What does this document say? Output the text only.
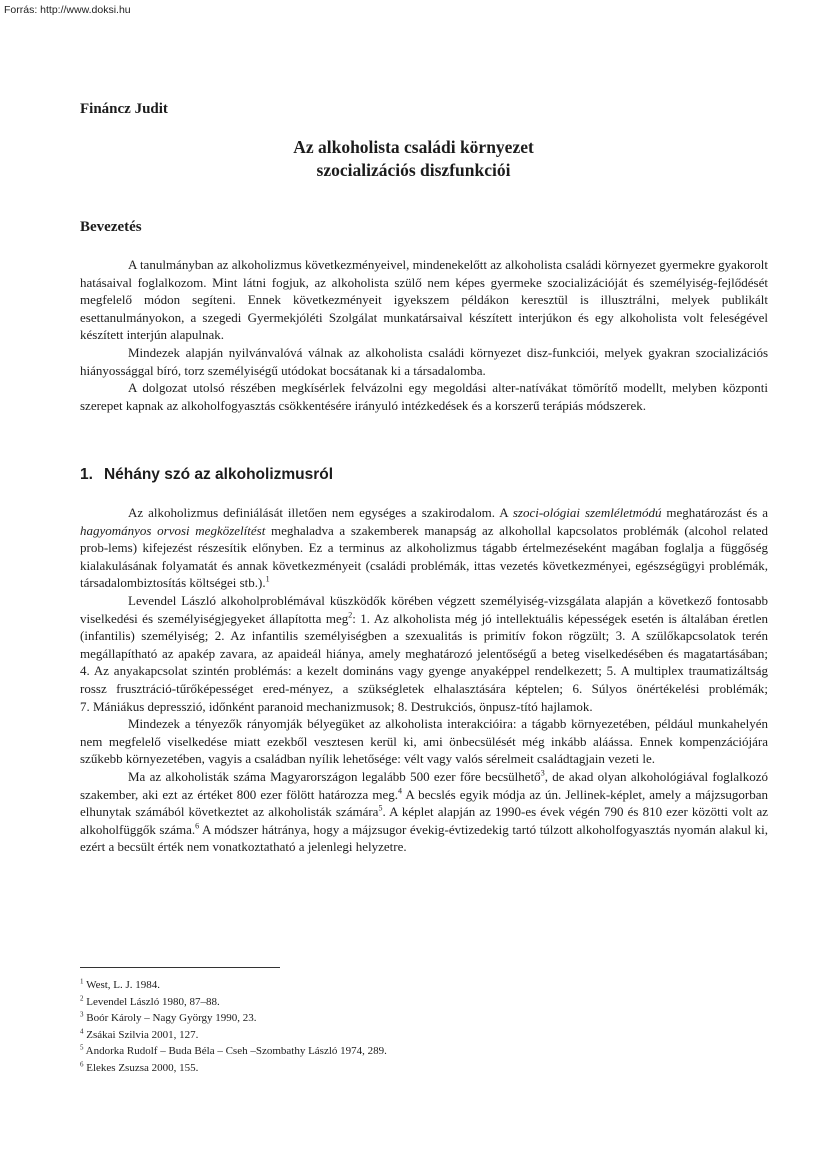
Forrás: http://www.doksi.hu
Fináncz Judit
Az alkoholista családi környezet
szocializációs diszfunkciói
Bevezetés

A tanulmányban az alkoholizmus következményeivel, mindenekelőtt az alkoholista családi környezet gyermekre gyakorolt hatásaival foglalkozom. Mint látni fogjuk, az alkoholista szülő nem képes gyermeke szocializációját és személyiség-fejlődését megfelelő módon segíteni. Ennek következményeit igyekszem példákon keresztül is illusztrálni, melyek publikált esettanulmányokon, a szegedi Gyermekjóléti Szolgálat munkatársaival készített interjúkon és egy alkoholista volt feleségével készített interjún alapulnak.

Mindezek alapján nyilvánvalóvá válnak az alkoholista családi környezet disz-funkciói, melyek gyakran szocializációs hiányossággal bíró, torz személyiségű utódokat bocsátanak ki a társadalomba.

A dolgozat utolsó részében megkísérlek felvázolni egy megoldási alter-natívákat tömörítő modellt, melyben központi szerepet kapnak az alkoholfogyasztás csökkentésére irányuló intézkedések és a korszerű terápiás módszerek.

1. Néhány szó az alkoholizmusról

Az alkoholizmus definiálását illetően nem egységes a szakirodalom. A szoci-ológiai szemléletmódú meghatározást és a hagyományos orvosi megközelítést meghaladva a szakemberek manapság az alkohollal kapcsolatos problémák (alcohol related prob-lems) kifejezést részesítik előnyben. Ez a terminus az alkoholizmus tágabb értelmezéseként magában foglalja a függőség kialakulásának folyamatát és annak következményeit (családi problémák, ittas vezetés következményei, egészségügyi problémák, társadalombiztosítás költségei stb.).$^1$

Levendel László alkoholproblémával küszködők körében végzett személyiség-vizsgálata alapján a következő fontosabb viselkedési és személyiségjegyeket állapította meg$^2$: 1. Az alkoholista még jó intellektuális képességek esetén is általában éretlen (infantilis) személyiség; 2. Az infantilis személyiségben a szexualitás is primitív fokon rögzült; 3. A szülőkapcsolatok terén megállapítható az apakép zavara, az apaideál hiánya, amely meghatározó jelentőségű a beteg viselkedésében és magatartásában;

4. Az anyakapcsolat szintén problémás: a kezelt domináns vagy gyenge anyaképpel rendelkezett; 5. A multiplex traumatizáltság rossz frusztráció-tűrőképességet ered-ményez, a szükségletek elhalasztására képtelen; 6. Súlyos önértékelési problémák;

7. Mániákus depresszió, időnként paranoid mechanizmusok; 8. Destrukciós, önpusz-tító hajlamok.

Mindezek a tényezők rányomják bélyegüket az alkoholista interakcióira: a tágabb környezetében, például munkahelyén nem megfelelő viselkedése miatt ezekből vesztesen kerül ki, ami önbecsülését még inkább aláássa. Ennek kompenzációjára szűkebb környezetében, vagyis a családban nyílik lehetősége: vélt vagy valós sérelmeit családtagjain vezeti le.

Ma az alkoholisták száma Magyarországon legalább 500 ezer főre becsülhető$^3$, de akad olyan alkohológiával foglalkozó szakember, aki ezt az értéket 800 ezer fölött határozza meg.$^4$ A becslés egyik módja az ún. Jellinek-képlet, amely a májzsugorban elhunytak számából következtet az alkoholisták számára$^5$. A képlet alapján az 1990-es évek végén 790 és 810 ezer közötti volt az alkoholfüggők száma.$^6$ A módszer hátránya, hogy a májzsugor évekig-évtizedekig tartó túlzott alkoholfogyasztás nyomán alakul ki, ezért a becsült érték nem vonatkoztatható a jelenlegi helyzetre.

$^1$ West, L. J. 1984.
$^2$ Levendel László 1980, 87–88.
$^3$ Boór Károly – Nagy György 1990, 23.
$^4$ Zsákai Szilvia 2001, 127.
$^5$ Andorka Rudolf – Buda Béla – Cseh –Szombathy László 1974, 289.
$^6$ Elekes Zsuzsa 2000, 155.
